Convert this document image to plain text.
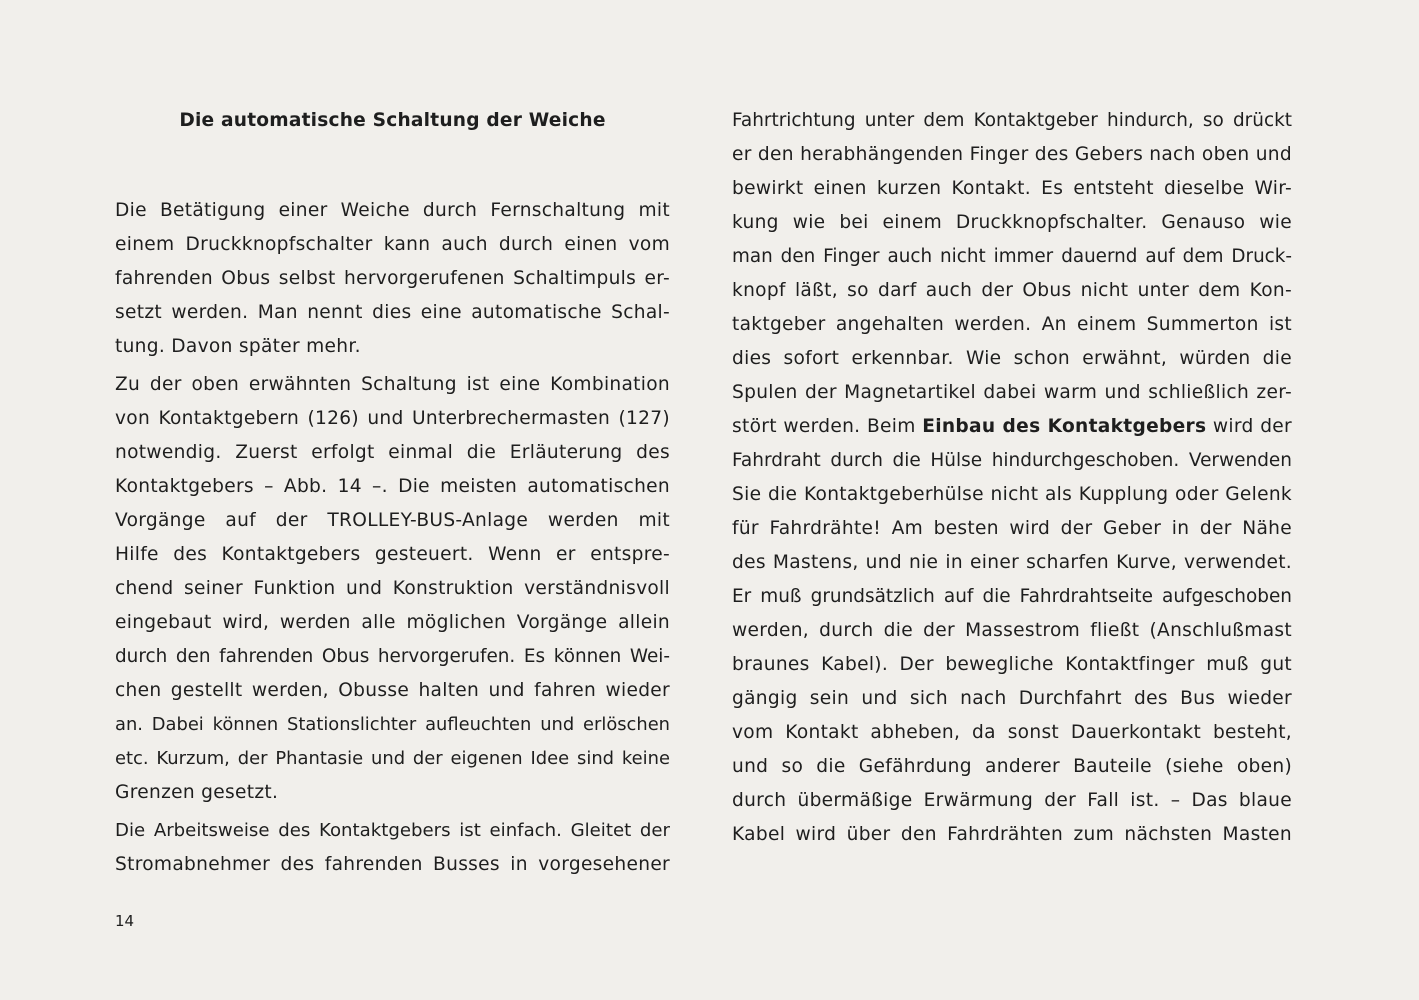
Die automatische Schaltung der Weiche
Die Betätigung einer Weiche durch Fernschaltung mit
einem Druckknopfschalter kann auch durch einen vom
fahrenden Obus selbst hervorgerufenen Schaltimpuls er-
setzt werden. Man nennt dies eine automatische Schal-
tung. Davon später mehr.
Zu der oben erwähnten Schaltung ist eine Kombination
von Kontaktgebern (126) und Unterbrechermasten (127)
notwendig. Zuerst erfolgt einmal die Erläuterung des
Kontaktgebers – Abb. 14 –. Die meisten automatischen
Vorgänge auf der TROLLEY-BUS-Anlage werden mit
Hilfe des Kontaktgebers gesteuert. Wenn er entspre-
chend seiner Funktion und Konstruktion verständnisvoll
eingebaut wird, werden alle möglichen Vorgänge allein
durch den fahrenden Obus hervorgerufen. Es können Wei-
chen gestellt werden, Obusse halten und fahren wieder
an. Dabei können Stationslichter aufleuchten und erlöschen
etc. Kurzum, der Phantasie und der eigenen Idee sind keine
Grenzen gesetzt.
Die Arbeitsweise des Kontaktgebers ist einfach. Gleitet der
Stromabnehmer des fahrenden Busses in vorgesehener
Fahrtrichtung unter dem Kontaktgeber hindurch, so drückt
er den herabhängenden Finger des Gebers nach oben und
bewirkt einen kurzen Kontakt. Es entsteht dieselbe Wir-
kung wie bei einem Druckknopfschalter. Genauso wie
man den Finger auch nicht immer dauernd auf dem Druck-
knopf läßt, so darf auch der Obus nicht unter dem Kon-
taktgeber angehalten werden. An einem Summerton ist
dies sofort erkennbar. Wie schon erwähnt, würden die
Spulen der Magnetartikel dabei warm und schließlich zer-
stört werden. Beim Einbau des Kontaktgebers wird der
Fahrdraht durch die Hülse hindurchgeschoben. Verwenden
Sie die Kontaktgeberhülse nicht als Kupplung oder Gelenk
für Fahrdrähte! Am besten wird der Geber in der Nähe
des Mastens, und nie in einer scharfen Kurve, verwendet.
Er muß grundsätzlich auf die Fahrdrahtseite aufgeschoben
werden, durch die der Massestrom fließt (Anschlußmast
braunes Kabel). Der bewegliche Kontaktfinger muß gut
gängig sein und sich nach Durchfahrt des Bus wieder
vom Kontakt abheben, da sonst Dauerkontakt besteht,
und so die Gefährdung anderer Bauteile (siehe oben)
durch übermäßige Erwärmung der Fall ist. – Das blaue
Kabel wird über den Fahrdrähten zum nächsten Masten
14
